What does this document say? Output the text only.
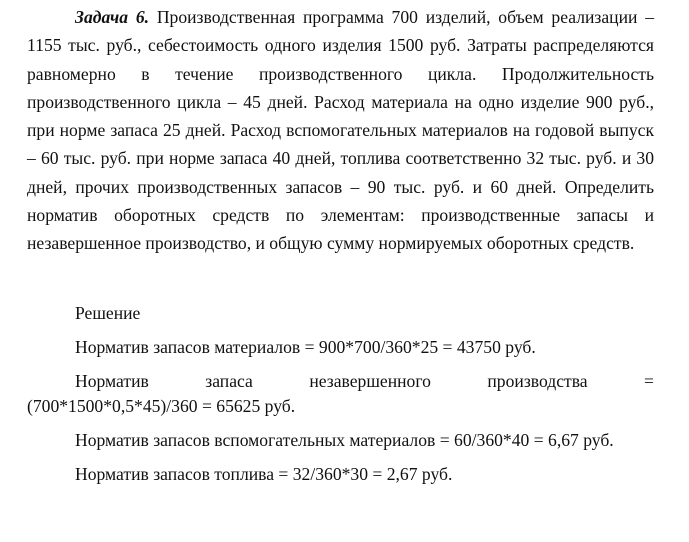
Задача 6. Производственная программа 700 изделий, объем реализации – 1155 тыс. руб., себестоимость одного изделия 1500 руб. Затраты распределяются равномерно в течение производственного цикла. Продолжительность производственного цикла – 45 дней. Расход материала на одно изделие 900 руб., при норме запаса 25 дней. Расход вспомогательных материалов на годовой выпуск – 60 тыс. руб. при норме запаса 40 дней, топлива соответственно 32 тыс. руб. и 30 дней, прочих производственных запасов – 90 тыс. руб. и 60 дней. Определить норматив оборотных средств по элементам: производственные запасы и незавершенное производство, и общую сумму нормируемых оборотных средств.

Решение

Норматив запасов материалов = 900*700/360*25 = 43750 руб.

Норматив	запаса	незавершенного	производства	=

(700*1500*0,5*45)/360 = 65625 руб.

Норматив запасов вспомогательных материалов = 60/360*40 = 6,67 руб.

Норматив запасов топлива = 32/360*30 = 2,67 руб.
